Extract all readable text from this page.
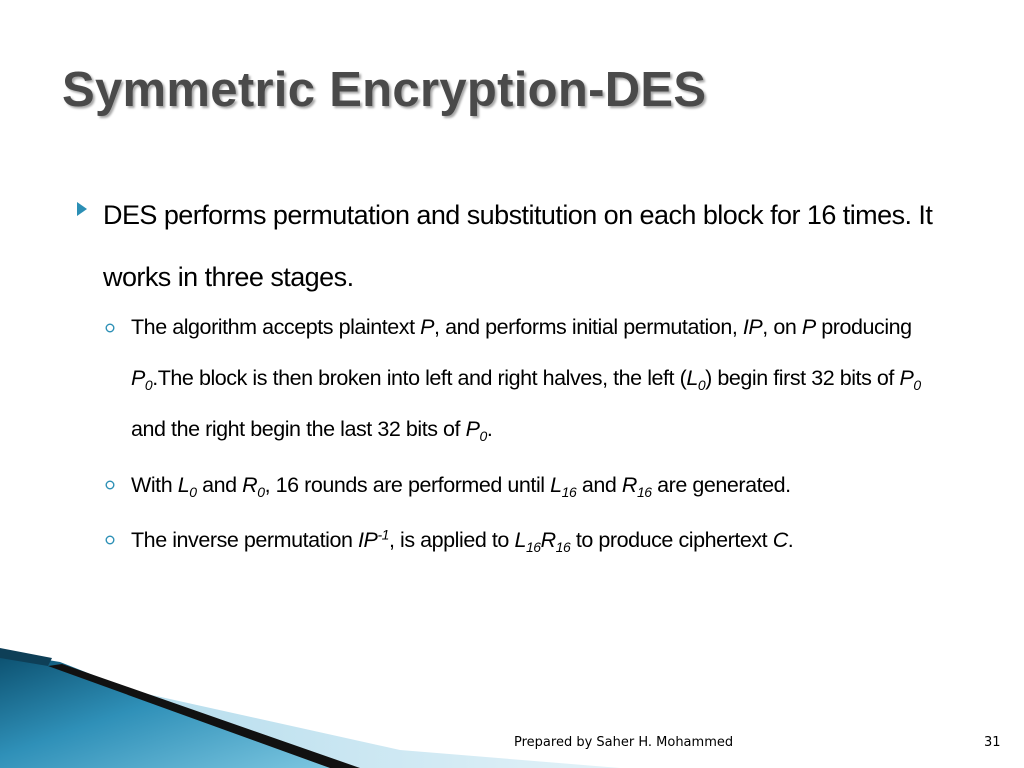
Symmetric Encryption-DES

DES performs permutation and substitution on each block for 16 times. It works in three stages.

The algorithm accepts plaintext P, and performs initial permutation, IP, on P producing $P_0.The$ block is then broken into left and right halves, the left $(L_0)$ begin first 32 bits of $P_0$ and the right begin the last 32 bits of $P_0$.

With $L_0$ and $R_0$, 16 rounds are performed until $L_{16}$ and $R_{16}$ are generated.

The inverse permutation $IP^{-1}$, is applied to $L_{16}R_{16}$ to produce ciphertext C.

Prepared by Saher H. Mohammed	31
